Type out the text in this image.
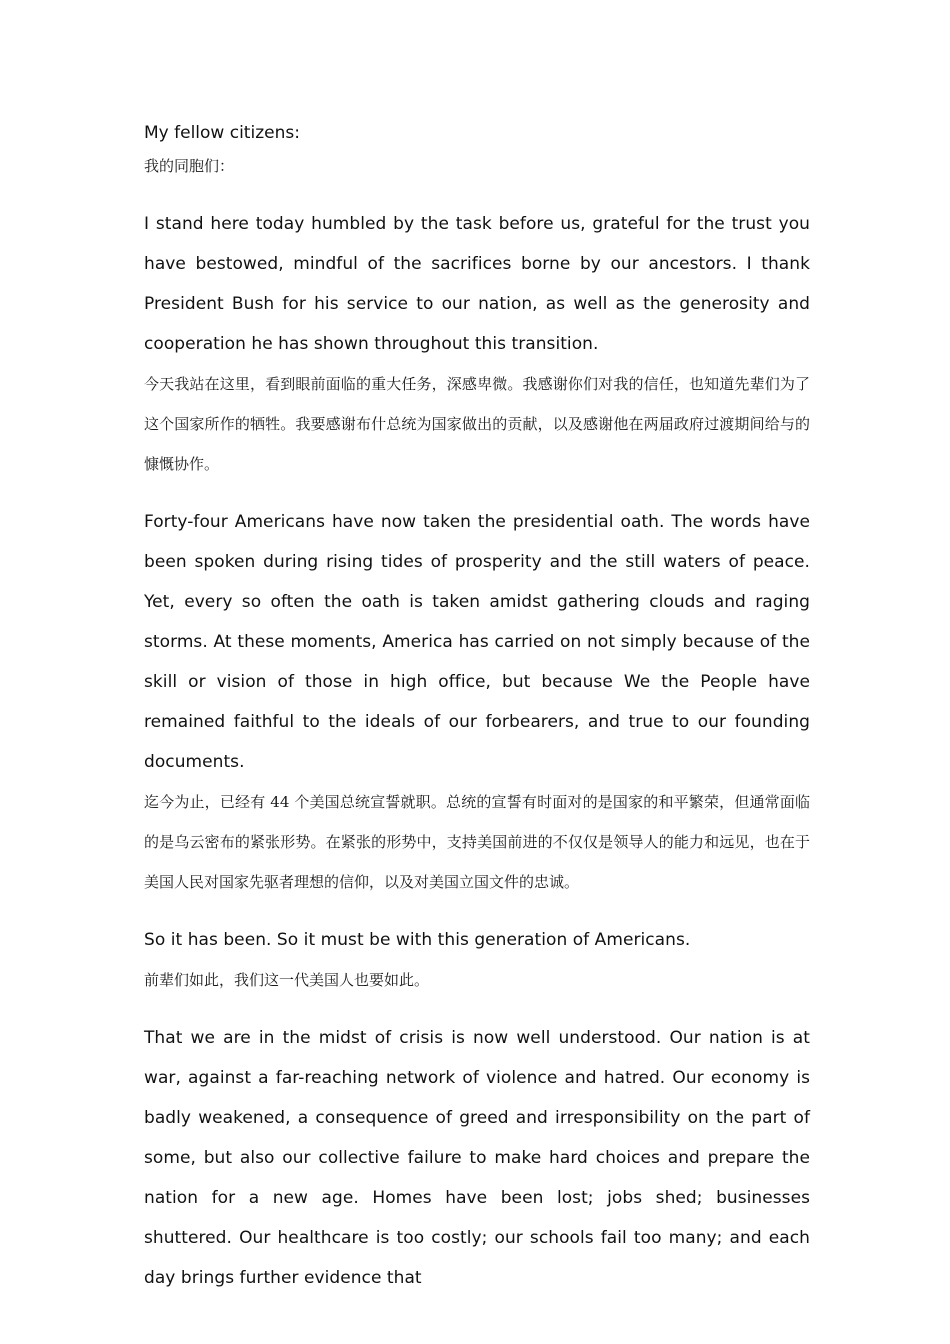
My fellow citizens:

我的同胞们：

I stand here today humbled by the task before us, grateful for the trust you have bestowed, mindful of the sacrifices borne by our ancestors. I thank President Bush for his service to our nation, as well as the generosity and cooperation he has shown throughout this transition.

今天我站在这里，看到眼前面临的重大任务，深感卑微。我感谢你们对我的信任，也知道先辈们为了这个国家所作的牺牲。我要感谢布什总统为国家做出的贡献，以及感谢他在两届政府过渡期间给与的慷慨协作。

Forty-four Americans have now taken the presidential oath. The words have been spoken during rising tides of prosperity and the still waters of peace. Yet, every so often the oath is taken amidst gathering clouds and raging storms. At these moments, America has carried on not simply because of the skill or vision of those in high office, but because We the People have remained faithful to the ideals of our forbearers, and true to our founding documents.

迄今为止，已经有 44 个美国总统宣誓就职。总统的宣誓有时面对的是国家的和平繁荣，但通常面临的是乌云密布的紧张形势。在紧张的形势中，支持美国前进的不仅仅是领导人的能力和远见，也在于美国人民对国家先驱者理想的信仰，以及对美国立国文件的忠诚。

So it has been. So it must be with this generation of Americans.

前辈们如此，我们这一代美国人也要如此。

That we are in the midst of crisis is now well understood. Our nation is at war, against a far-reaching network of violence and hatred. Our economy is badly weakened, a consequence of greed and irresponsibility on the part of some, but also our collective failure to make hard choices and prepare the nation for a new age. Homes have been lost; jobs shed; businesses shuttered. Our healthcare is too costly; our schools fail too many; and each day brings further evidence that
